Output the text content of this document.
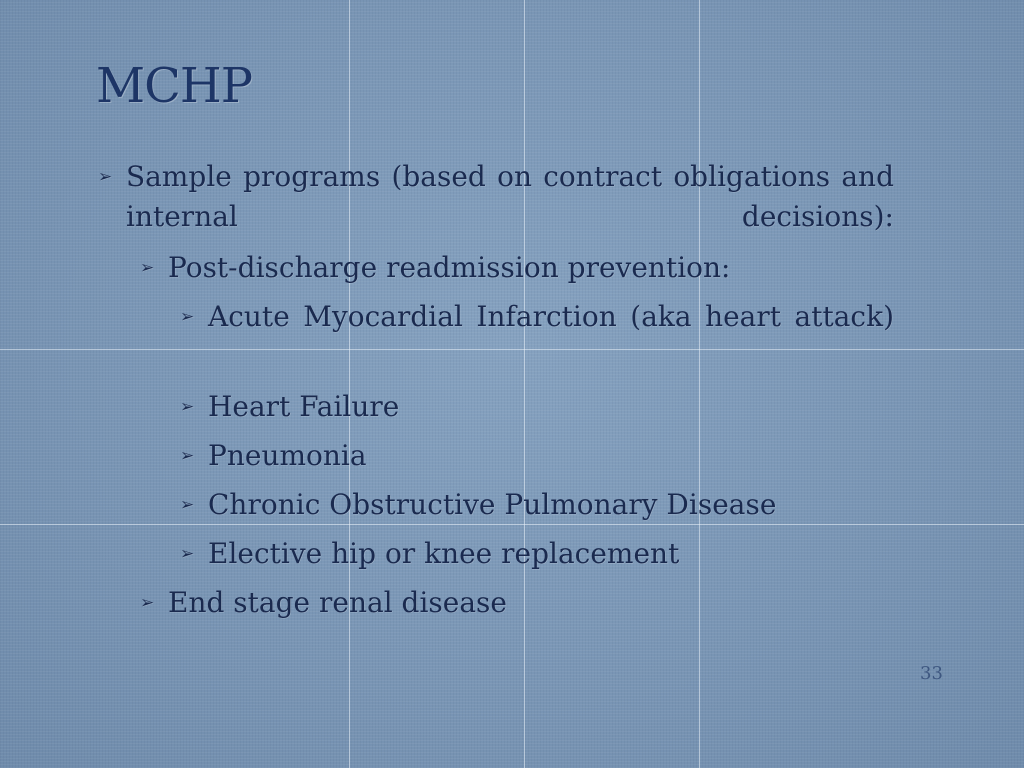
MCHP
➢ Sample programs (based on contract obligations and internal decisions):
➢ Post-discharge readmission prevention:
➢ Acute Myocardial Infarction (aka heart attack)
➢ Heart Failure
➢ Pneumonia
➢ Chronic Obstructive Pulmonary Disease
➢ Elective hip or knee replacement
➢ End stage renal disease
33
